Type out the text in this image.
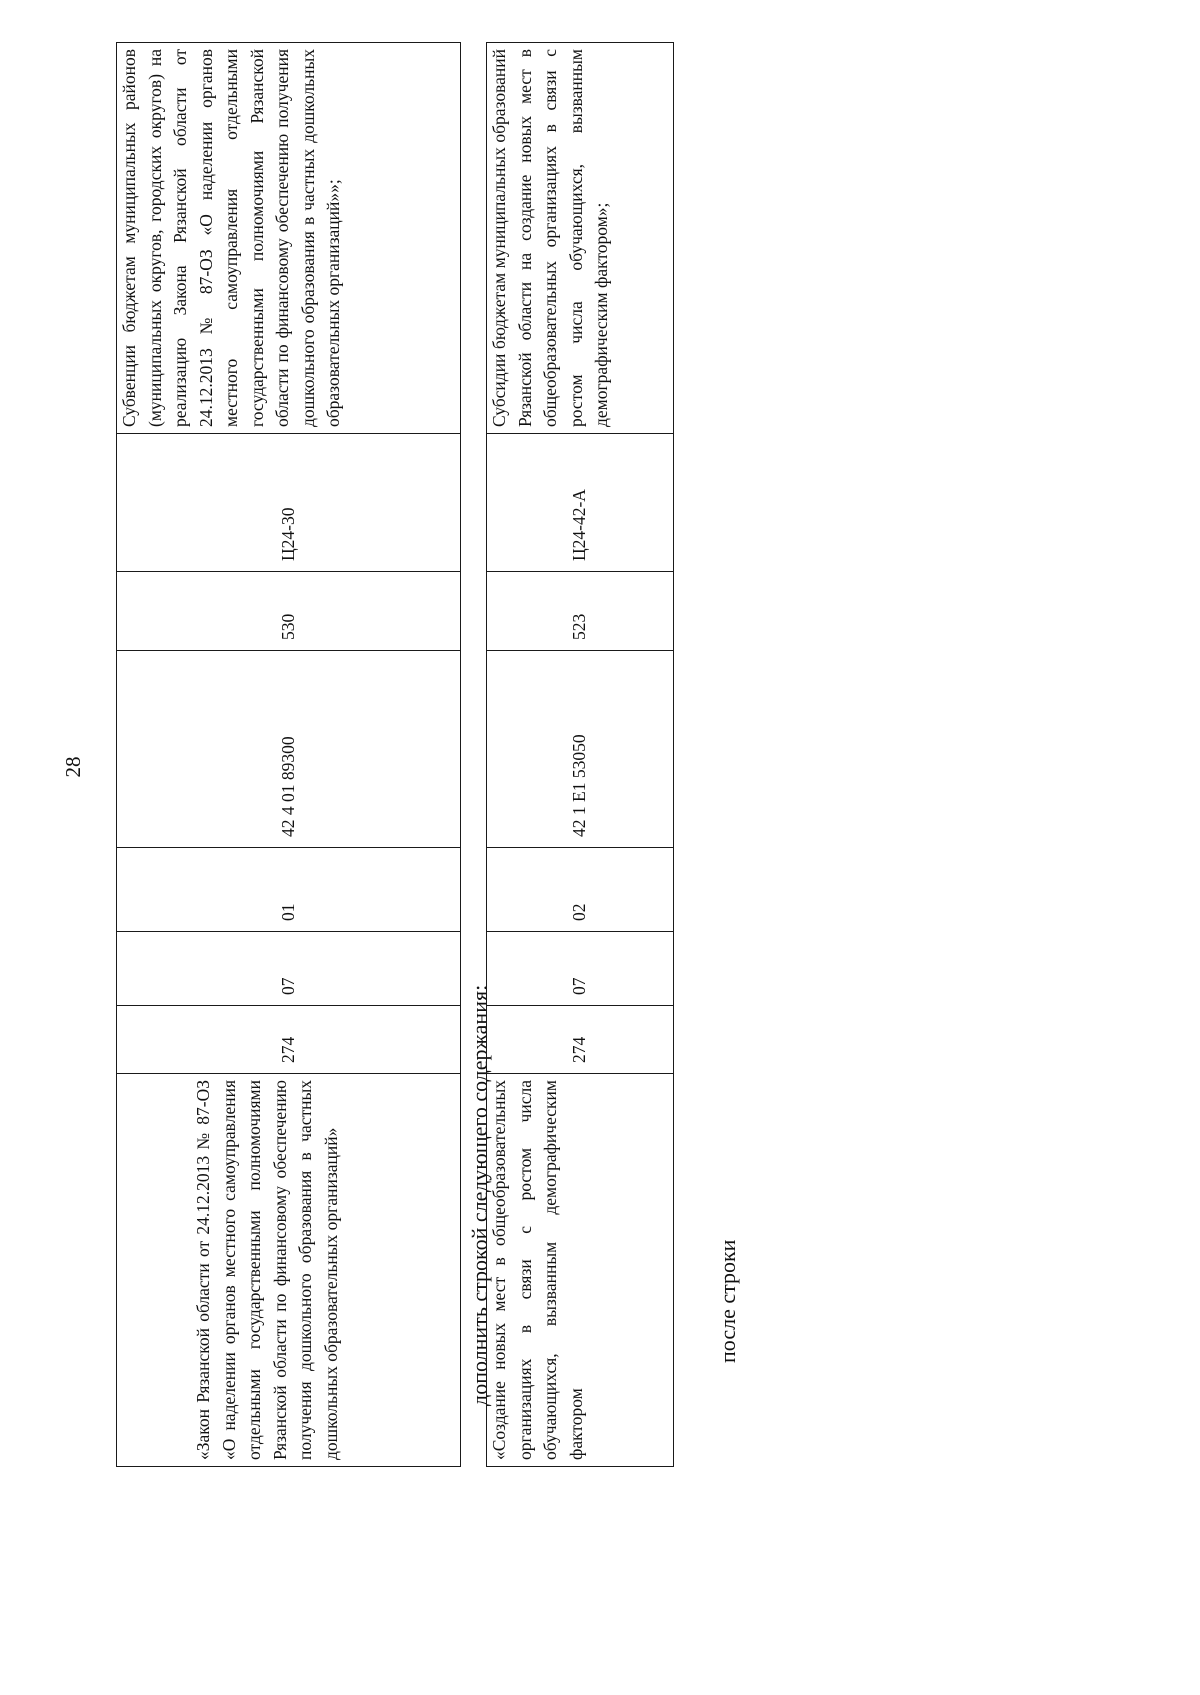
28
«Закон Рязанской области от 24.12.2013 № 87-ОЗ «О наделении органов местного самоуправления отдельными государственными полномочиями Рязанской области по финансовому обеспечению получения дошкольного образования в частных дошкольных образовательных организаций»	274	07	01	42 4 01 89300	530	Ц24-30	Субвенции бюджетам муниципальных районов (муниципальных округов, городских округов) на реализацию Закона Рязанской области от 24.12.2013 № 87-ОЗ «О наделении органов местного самоуправления отдельными государственными полномочиями Рязанской области по финансовому обеспечению получения дошкольного образования в частных дошкольных образовательных организаций»»;
дополнить строкой следующего содержания:
«Создание новых мест в общеобразовательных организациях в связи с ростом числа обучающихся, вызванным демографическим фактором	274	07	02	42 1 E1 53050	523	Ц24-42-А	Субсидии бюджетам муниципальных образований Рязанской области на создание новых мест в общеобразовательных организациях в связи с ростом числа обучающихся, вызванным демографическим фактором»;
после строки
